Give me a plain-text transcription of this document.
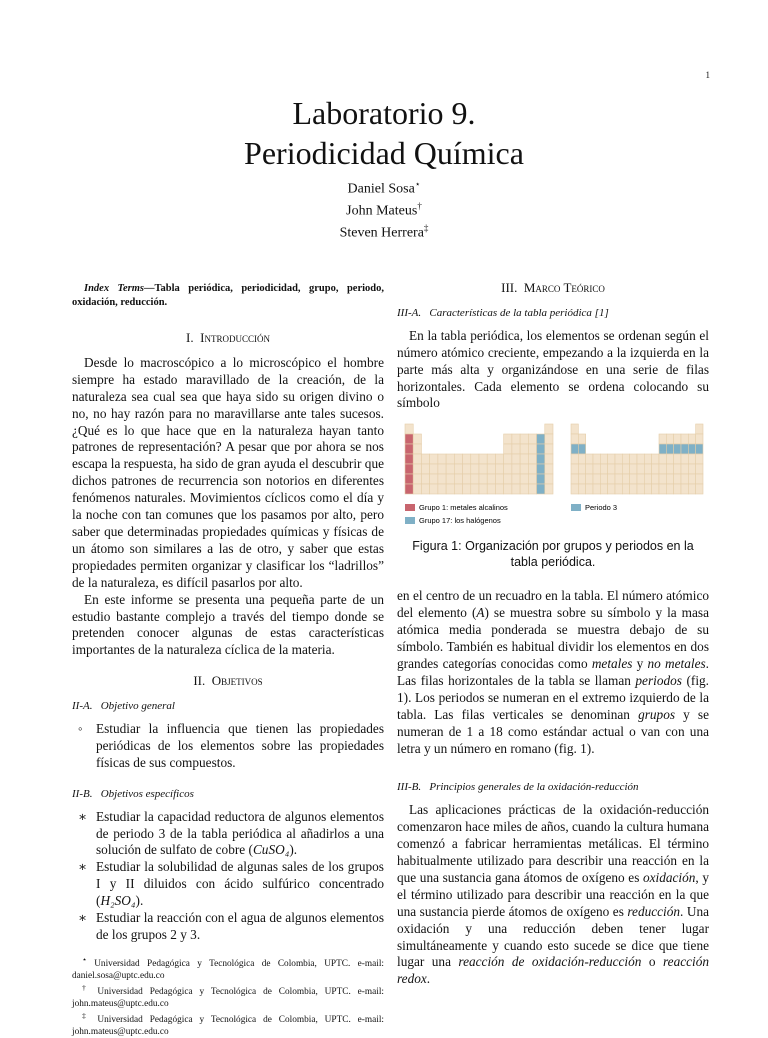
1
Laboratorio 9.
Periodicidad Química
Daniel Sosa⋆
John Mateus†
Steven Herrera‡
Index Terms—Tabla periódica, periodicidad, grupo, periodo, oxidación, reducción.
I. Introducción

Desde lo macroscópico a lo microscópico el hombre siempre ha estado maravillado de la creación, de la naturaleza sea cual sea que haya sido su origen divino o no, no hay razón para no maravillarse ante tales sucesos. ¿Qué es lo que hace que en la naturaleza hayan tanto patrones de representación? A pesar que por ahora se nos escapa la respuesta, ha sido de gran ayuda el descubrir que dichos patrones de recurrencia son notorios en diferentes fenómenos naturales. Movimientos cíclicos como el día y la noche con tan comunes que los pasamos por alto, pero saber que determinadas propiedades químicas y físicas de un átomo son similares a las de otro, y saber que estas propiedades permiten organizar y clasificar los “ladrillos” de la naturaleza, es difícil pasarlos por alto.

En este informe se presenta una pequeña parte de un estudio bastante complejo a través del tiempo donde se pretenden conocer algunas de estas características importantes de la naturaleza cíclica de la materia.

II. Objetivos
II-A. Objetivo general
◦ Estudiar la influencia que tienen las propiedades periódicas de los elementos sobre las propiedades físicas de sus compuestos.
II-B. Objetivos específicos
∗ Estudiar la capacidad reductora de algunos elementos de periodo 3 de la tabla periódica al añadirlos a una solución de sulfato de cobre (CuSO₄).
∗ Estudiar la solubilidad de algunas sales de los grupos I y II diluidos con ácido sulfúrico concentrado (H₂SO₄).
∗ Estudiar la reacción con el agua de algunos elementos de los grupos 2 y 3.

⋆ Universidad Pedagógica y Tecnológica de Colombia, UPTC. e-mail: daniel.sosa@uptc.edu.co

† Universidad Pedagógica y Tecnológica de Colombia, UPTC. e-mail: john.mateus@uptc.edu.co

‡ Universidad Pedagógica y Tecnológica de Colombia, UPTC. e-mail: john.mateus@uptc.edu.co

III. Marco Teórico
III-A. Características de la tabla periódica [1]

En la tabla periódica, los elementos se ordenan según el número atómico creciente, empezando a la izquierda en la parte más alta y organizándose en una serie de filas horizontales. Cada elemento se ordena colocando su símbolo

Grupo 1: metales alcalinos
Grupo 17: los halógenos
Periodo 3
Figura 1: Organización por grupos y periodos en la tabla periódica.

en el centro de un recuadro en la tabla. El número atómico del elemento (A) se muestra sobre su símbolo y la masa atómica media ponderada se muestra debajo de su símbolo. También es habitual dividir los elementos en dos grandes categorías conocidas como metales y no metales. Las filas horizontales de la tabla se llaman periodos (fig. 1). Los periodos se numeran en el extremo izquierdo de la tabla. Las filas verticales se denominan grupos y se numeran de 1 a 18 como estándar actual o van con una letra y un número en romano (fig. 1).

III-B. Principios generales de la oxidación-reducción

Las aplicaciones prácticas de la oxidación-reducción comenzaron hace miles de años, cuando la cultura humana comenzó a fabricar herramientas metálicas. El término habitualmente utilizado para describir una reacción en la que una sustancia gana átomos de oxígeno es oxidación, y el término utilizado para describir una reacción en la que una sustancia pierde átomos de oxígeno es reducción. Una oxidación y una reducción deben tener lugar simultáneamente y cuando esto sucede se dice que tiene lugar una reacción de oxidación-reducción o reacción redox.
